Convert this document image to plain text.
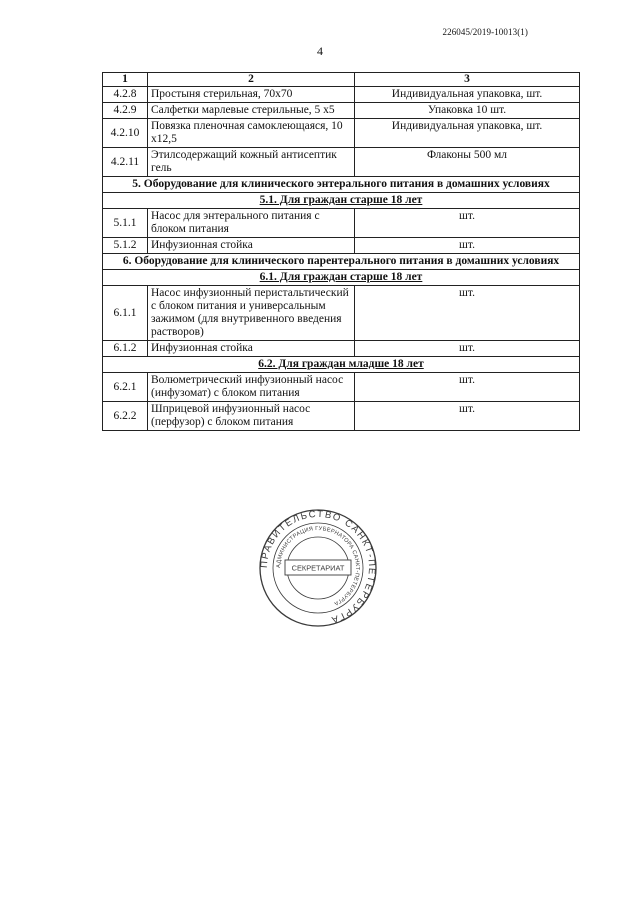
226045/2019-10013(1)
4
1	2	3
4.2.8	Простыня стерильная, 70х70	Индивидуальная упаковка, шт.
4.2.9	Салфетки марлевые стерильные, 5 х5	Упаковка 10 шт.
4.2.10	Повязка пленочная самоклеющаяся, 10 х12,5	Индивидуальная упаковка, шт.
4.2.11	Этилсодержащий кожный антисептик гель	Флаконы 500 мл
5. Оборудование для клинического энтерального питания в домашних условиях		
5.1. Для граждан старше 18 лет		
5.1.1	Насос для энтерального питания с блоком питания	шт.
5.1.2	Инфузионная стойка	шт.
6. Оборудование для клинического парентерального питания в домашних условиях		
6.1. Для граждан старше 18 лет		
6.1.1	Насос инфузионный перистальтический с блоком питания и универсальным зажимом (для внутривенного введения растворов)	шт.
6.1.2	Инфузионная стойка	шт.
6.2. Для граждан младше 18 лет		
6.2.1	Волюметрический инфузионный насос (инфузомат) с блоком питания	шт.
6.2.2	Шприцевой инфузионный насос (перфузор) с блоком питания	шт.
ПРАВИТЕЛЬСТВО САНКТ-ПЕТЕРБУРГА
АДМИНИСТРАЦИЯ ГУБЕРНАТОРА САНКТ-ПЕТЕРБУРГА
СЕКРЕТАРИАТ
